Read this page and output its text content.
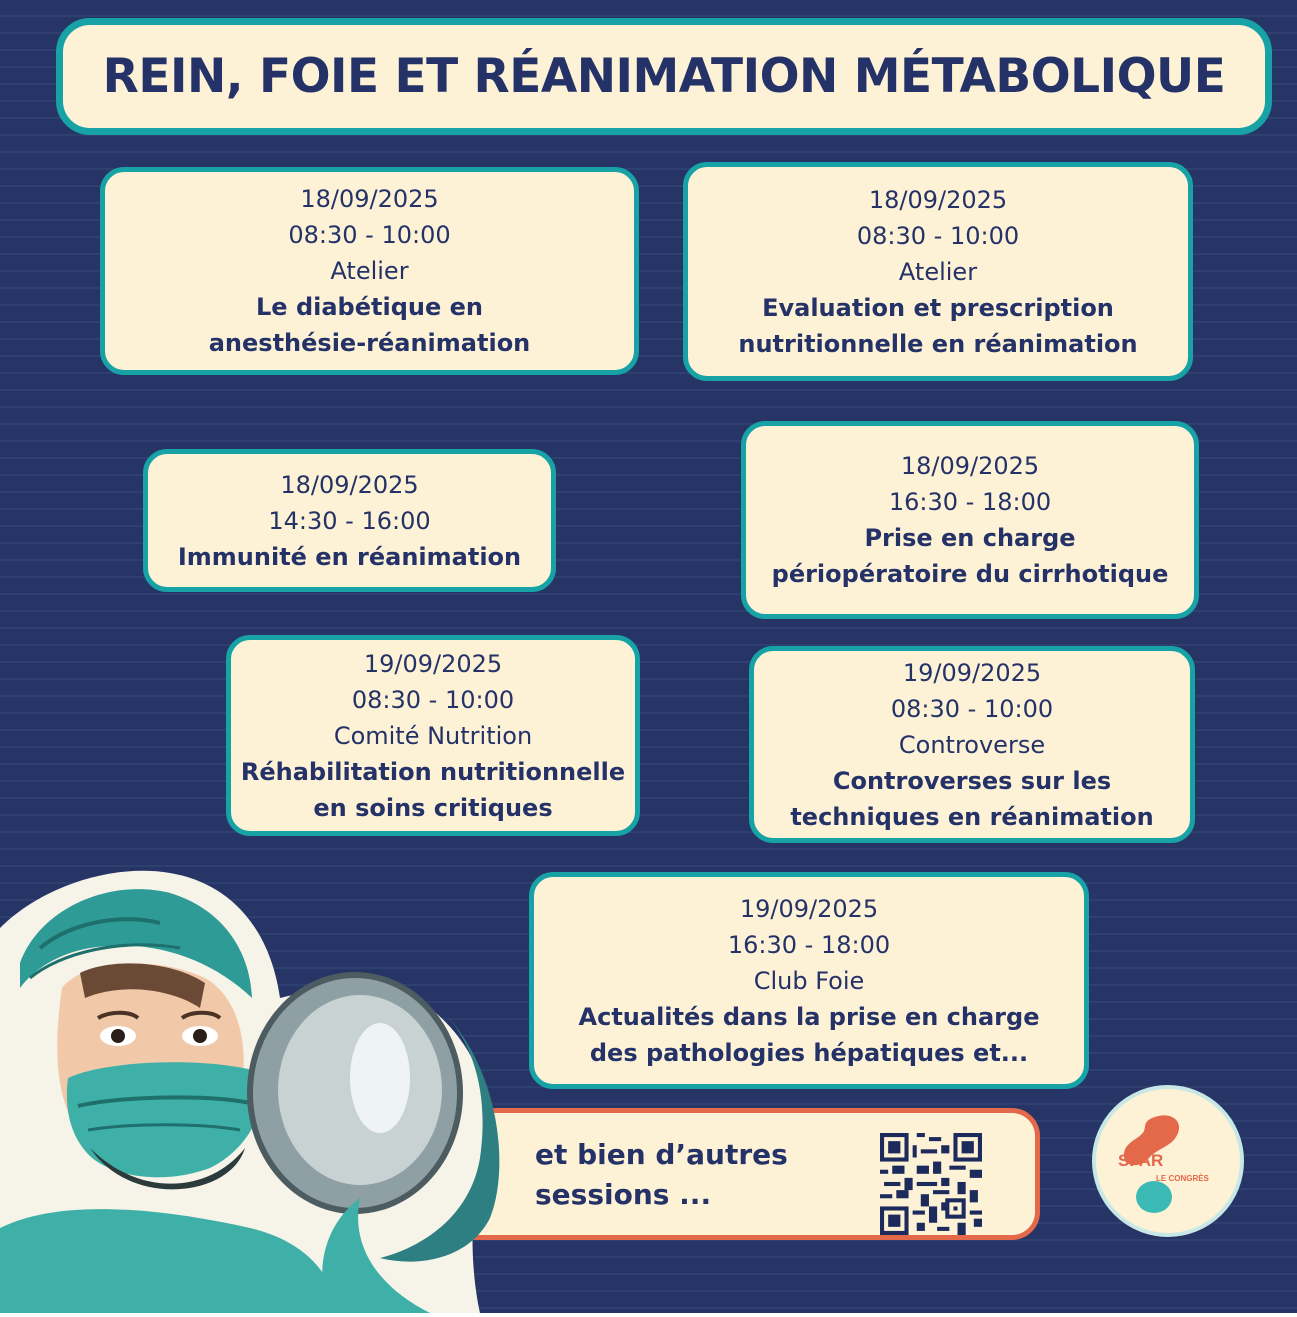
REIN, FOIE ET RÉANIMATION MÉTABOLIQUE
18/09/2025
08:30 - 10:00
Atelier
Le diabétique en
anesthésie-réanimation
18/09/2025
08:30 - 10:00
Atelier
Evaluation et prescription
nutritionnelle en réanimation
18/09/2025
14:30 - 16:00
Immunité en réanimation
18/09/2025
16:30 - 18:00
Prise en charge
périopératoire du cirrhotique
19/09/2025
08:30 - 10:00
Comité Nutrition
Réhabilitation nutritionnelle
en soins critiques
19/09/2025
08:30 - 10:00
Controverse
Controverses sur les
techniques en réanimation
19/09/2025
16:30 - 18:00
Club Foie
Actualités dans la prise en charge
des pathologies hépatiques et...
et bien d’autres
sessions ...
SFAR
LE CONGRÈS
